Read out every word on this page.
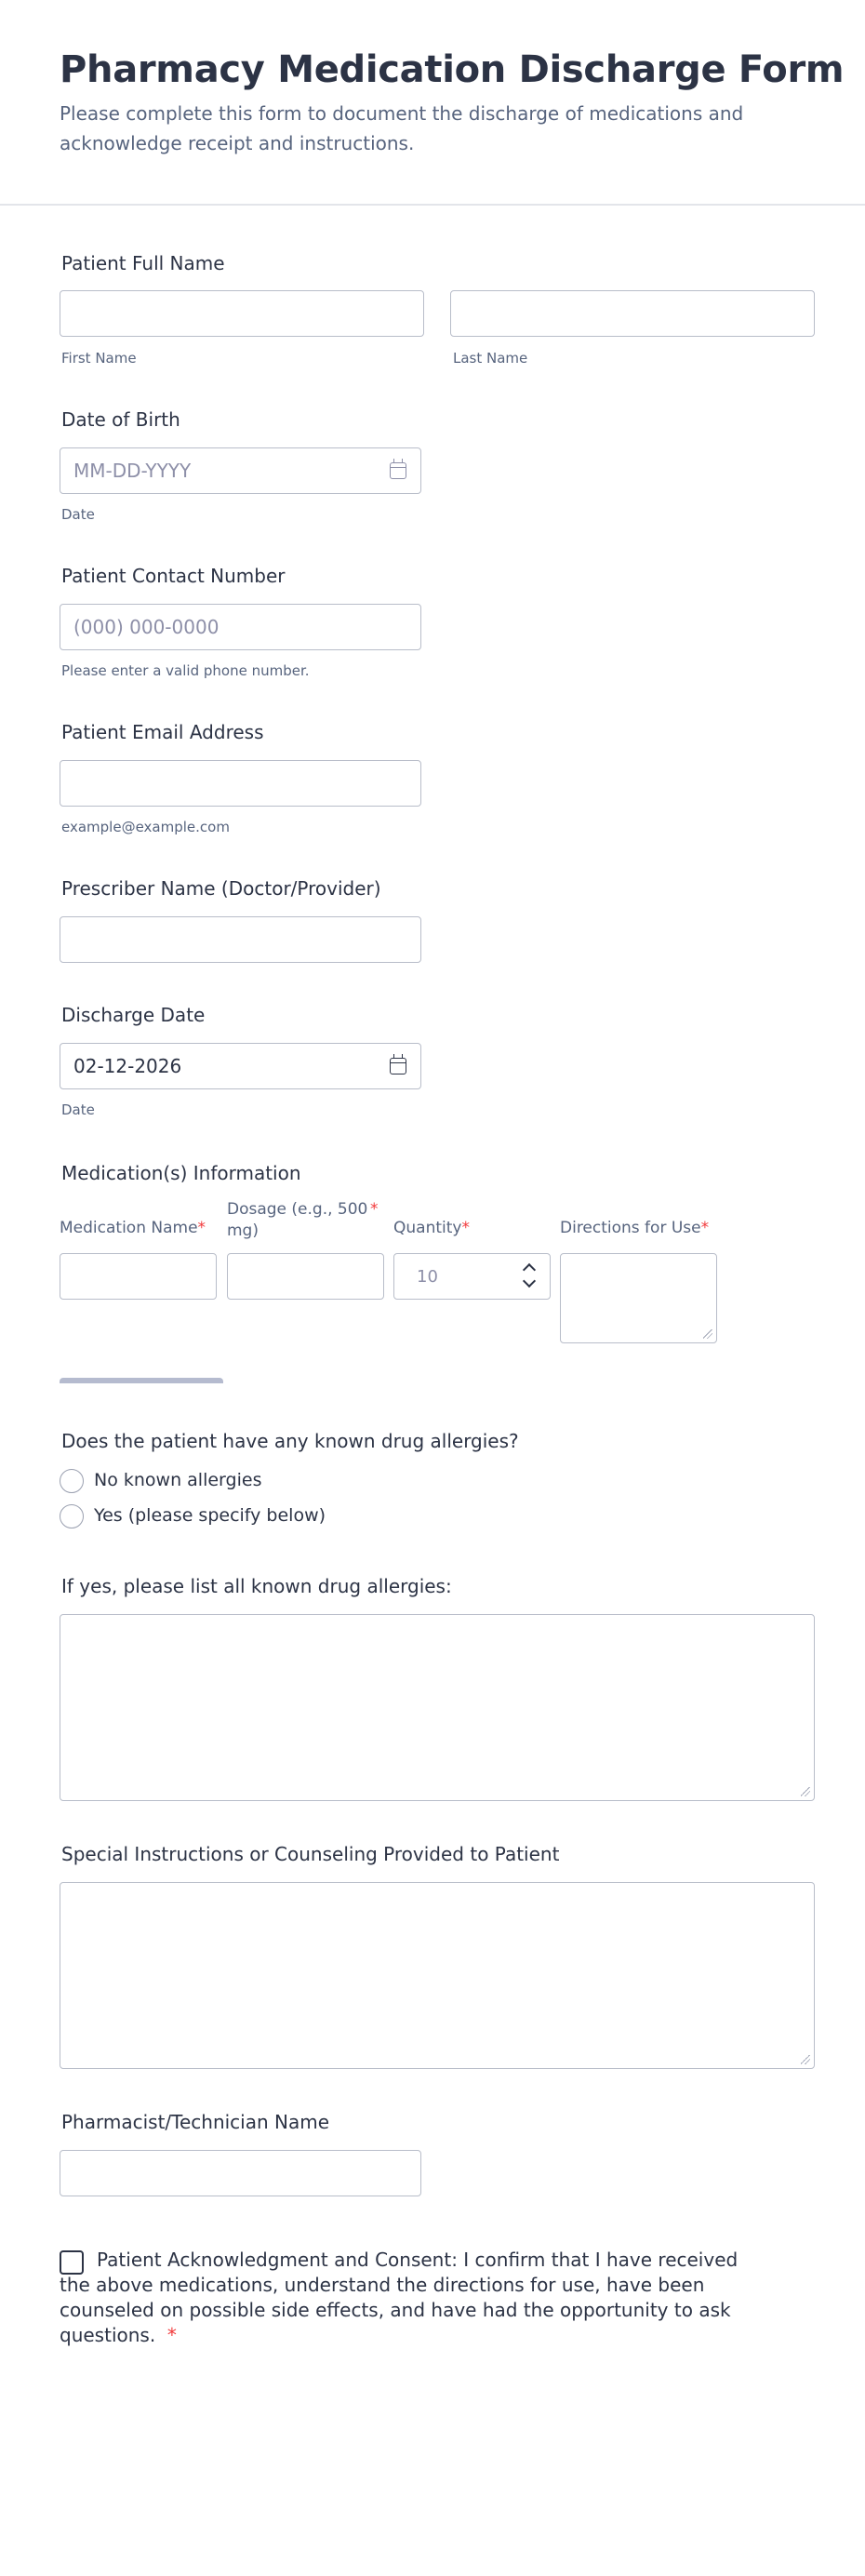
Pharmacy Medication Discharge Form

Please complete this form to document the discharge of medications and acknowledge receipt and instructions.

Patient Full Name
First Name	Last Name
Date of Birth
MM-DD-YYYY
Date
Patient Contact Number
(000) 000-0000
Please enter a valid phone number.
Patient Email Address
example@example.com
Prescriber Name (Doctor/Provider)
Discharge Date
02-12-2026
Date
Medication(s) Information
Medication Name*
Dosage (e.g., 500 mg)
*
Quantity*	Directions for Use*
10
Does the patient have any known drug allergies?
No known allergies
Yes (please specify below)
If yes, please list all known drug allergies:
Special Instructions or Counseling Provided to Patient
Pharmacist/Technician Name
Patient Acknowledgment and Consent: I confirm that I have received the above medications, understand the directions for use, have been counseled on possible side effects, and have had the opportunity to ask questions. *
